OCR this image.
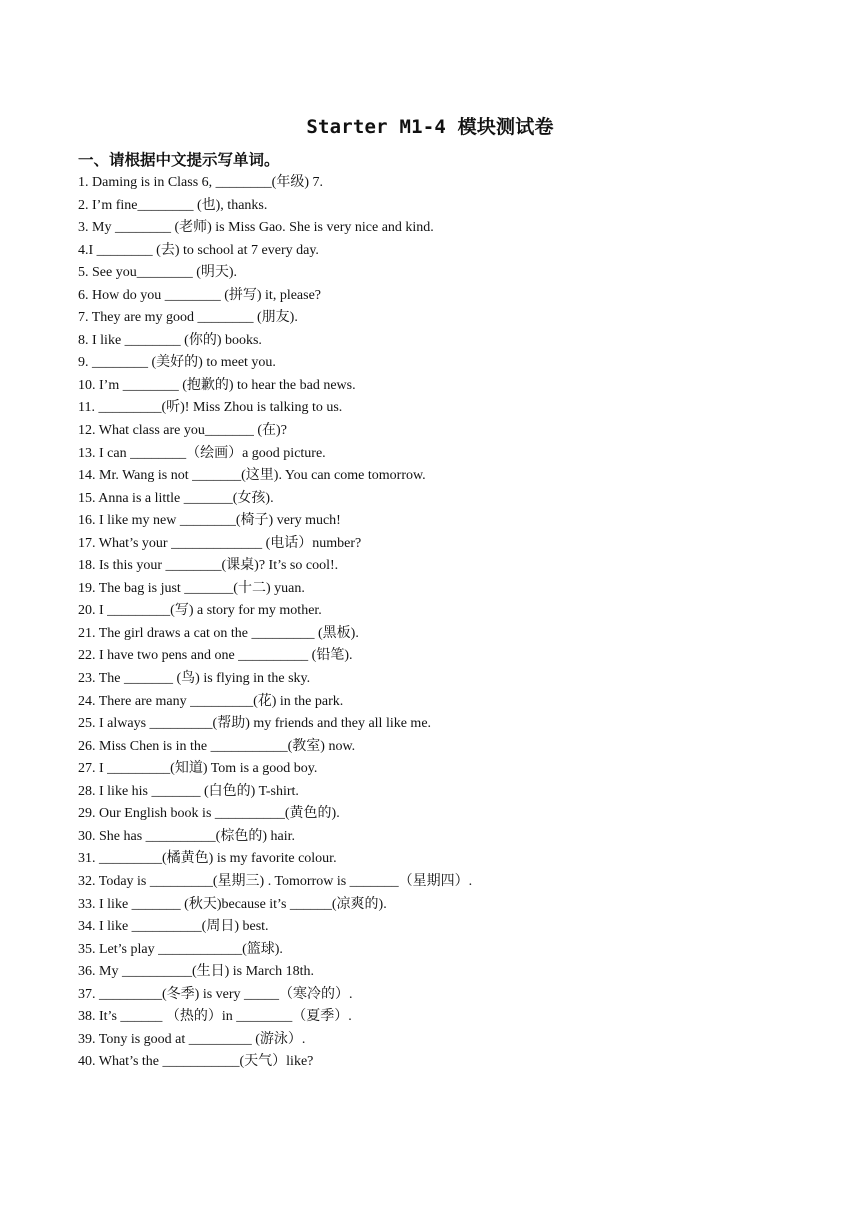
Starter M1-4 模块测试卷
一、请根据中文提示写单词。
1. Daming is in Class 6, ________(年级) 7.
2. I’m fine________ (也), thanks.
3. My ________ (老师) is Miss Gao. She is very nice and kind.
4.I ________ (去) to school at 7 every day.
5. See you________ (明天).
6. How do you ________ (拼写) it, please?
7. They are my good ________ (朋友).
8. I like ________ (你的) books.
9. ________ (美好的) to meet you.
10. I’m ________ (抱歉的) to hear the bad news.
11. _________(听)! Miss Zhou is talking to us.
12. What class are you_______ (在)?
13. I can ________（绘画）a good picture.
14. Mr. Wang is not _______(这里). You can come tomorrow.
15. Anna is a little _______(女孩).
16. I like my new ________(椅子) very much!
17. What’s your _____________ (电话）number?
18. Is this your ________(课桌)? It’s so cool!.
19. The bag is just _______(十二) yuan.
20. I _________(写) a story for my mother.
21. The girl draws a cat on the _________ (黑板).
22. I have two pens and one __________ (铅笔).
23. The _______ (鸟) is flying in the sky.
24. There are many _________(花) in the park.
25. I always _________(帮助) my friends and they all like me.
26. Miss Chen is in the ___________(教室) now.
27. I _________(知道) Tom is a good boy.
28. I like his _______ (白色的) T-shirt.
29. Our English book is __________(黄色的).
30. She has __________(棕色的) hair.
31. _________(橘黄色) is my favorite colour.
32. Today is _________(星期三) . Tomorrow is _______（星期四）.
33. I like _______ (秋天)because it’s ______(凉爽的).
34. I like __________(周日) best.
35. Let’s play ____________(篮球).
36. My __________(生日) is March 18th.
37. _________(冬季) is very _____（寒冷的）.
38. It’s ______ （热的）in ________（夏季）.
39. Tony is good at _________ (游泳）.
40. What’s the ___________(天气）like?
